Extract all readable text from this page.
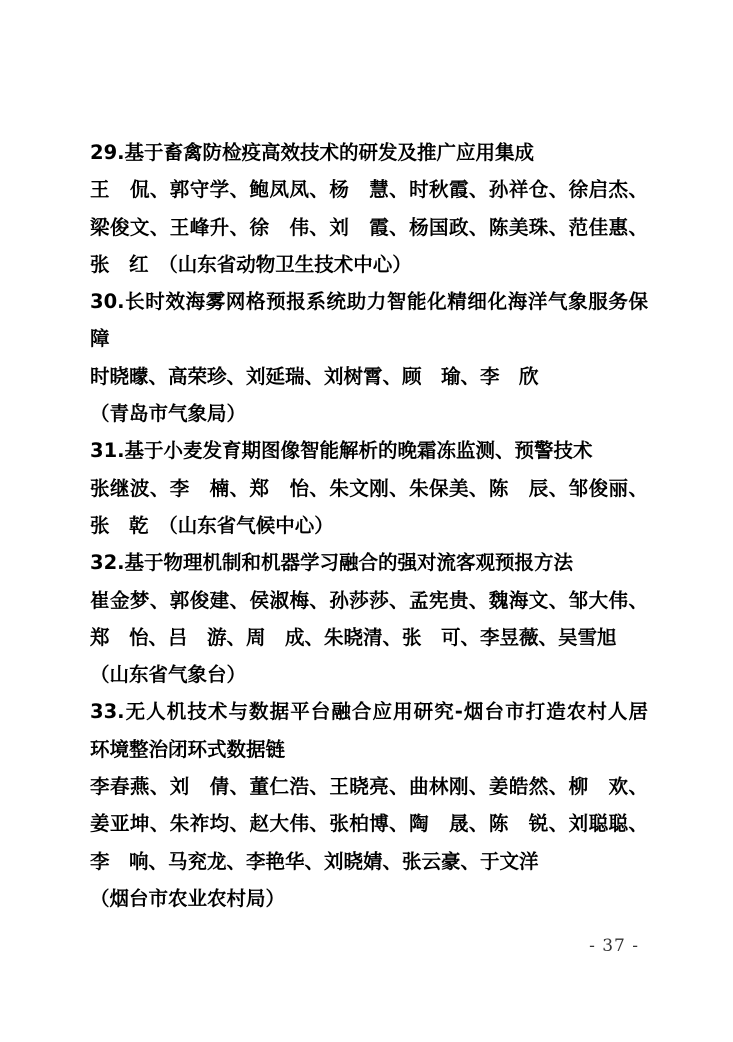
29.基于畜禽防检疫高效技术的研发及推广应用集成
王　侃、郭守学、鲍凤凤、杨　慧、时秋霞、孙祥仓、徐启杰、
梁俊文、王峰升、徐　伟、刘　霞、杨国政、陈美珠、范佳惠、
张　红　（山东省动物卫生技术中心）
30.长时效海雾网格预报系统助力智能化精细化海洋气象服务保
障
时晓曚、高荣珍、刘延瑞、刘树霄、顾　瑜、李　欣
（青岛市气象局）
31.基于小麦发育期图像智能解析的晚霜冻监测、预警技术
张继波、李　楠、郑　怡、朱文刚、朱保美、陈　辰、邹俊丽、
张　乾　（山东省气候中心）
32.基于物理机制和机器学习融合的强对流客观预报方法
崔金梦、郭俊建、侯淑梅、孙莎莎、孟宪贵、魏海文、邹大伟、
郑　怡、吕　游、周　成、朱晓清、张　可、李昱薇、吴雪旭
（山东省气象台）
33.无人机技术与数据平台融合应用研究-烟台市打造农村人居
环境整治闭环式数据链
李春燕、刘　倩、董仁浩、王晓亮、曲林刚、姜皓然、柳　欢、
姜亚坤、朱祚均、赵大伟、张柏博、陶　晟、陈　锐、刘聪聪、
李　响、马兖龙、李艳华、刘晓婧、张云豪、于文洋
（烟台市农业农村局）
- 37 -
